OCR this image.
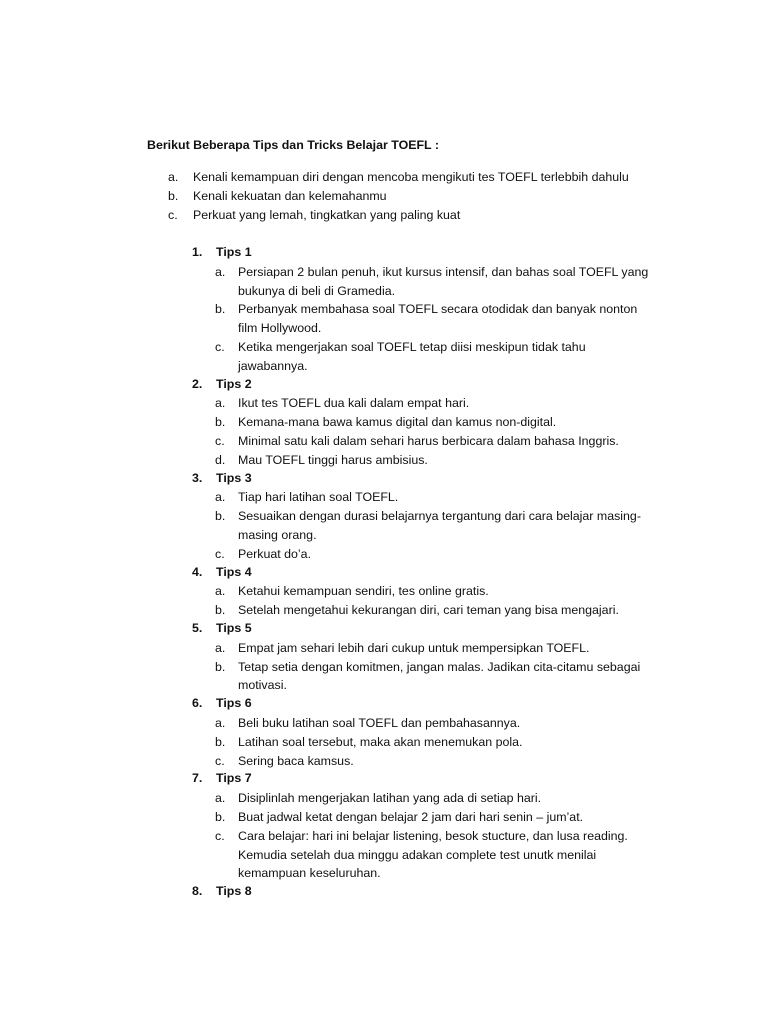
Berikut Beberapa Tips dan Tricks Belajar TOEFL :
a.	Kenali kemampuan diri dengan mencoba mengikuti tes TOEFL terlebbih dahulu
b.	Kenali kekuatan dan kelemahanmu
c.	Perkuat yang lemah, tingkatkan yang paling kuat
1.	Tips 1
a.	Persiapan 2 bulan penuh, ikut kursus intensif, dan bahas soal TOEFL yang bukunya di beli di Gramedia.
b.	Perbanyak membahasa soal TOEFL secara otodidak dan banyak nonton film Hollywood.
c.	Ketika mengerjakan soal TOEFL tetap diisi meskipun tidak tahu jawabannya.
2.	Tips 2
a.	Ikut tes TOEFL dua kali dalam empat hari.
b.	Kemana-mana bawa kamus digital dan kamus non-digital.
c.	Minimal satu kali dalam sehari harus berbicara dalam bahasa Inggris.
d.	Mau TOEFL tinggi harus ambisius.
3.	Tips 3
a.	Tiap hari latihan soal TOEFL.
b.	Sesuaikan dengan durasi belajarnya tergantung dari cara belajar masing-masing orang.
c.	Perkuat do’a.
4.	Tips 4
a.	Ketahui kemampuan sendiri, tes online gratis.
b.	Setelah mengetahui kekurangan diri, cari teman yang bisa mengajari.
5.	Tips 5
a.	Empat jam sehari lebih dari cukup untuk mempersipkan TOEFL.
b.	Tetap setia dengan komitmen, jangan malas. Jadikan cita-citamu sebagai motivasi.
6.	Tips 6
a.	Beli buku latihan soal TOEFL dan pembahasannya.
b.	Latihan soal tersebut, maka akan menemukan pola.
c.	Sering baca kamsus.
7.	Tips 7
a.	Disiplinlah mengerjakan latihan yang ada di setiap hari.
b.	Buat jadwal ketat dengan belajar 2 jam dari hari senin – jum’at.
c.	Cara belajar: hari ini belajar listening, besok stucture, dan lusa reading. Kemudia setelah dua minggu adakan complete test unutk menilai kemampuan keseluruhan.
8.	Tips 8
